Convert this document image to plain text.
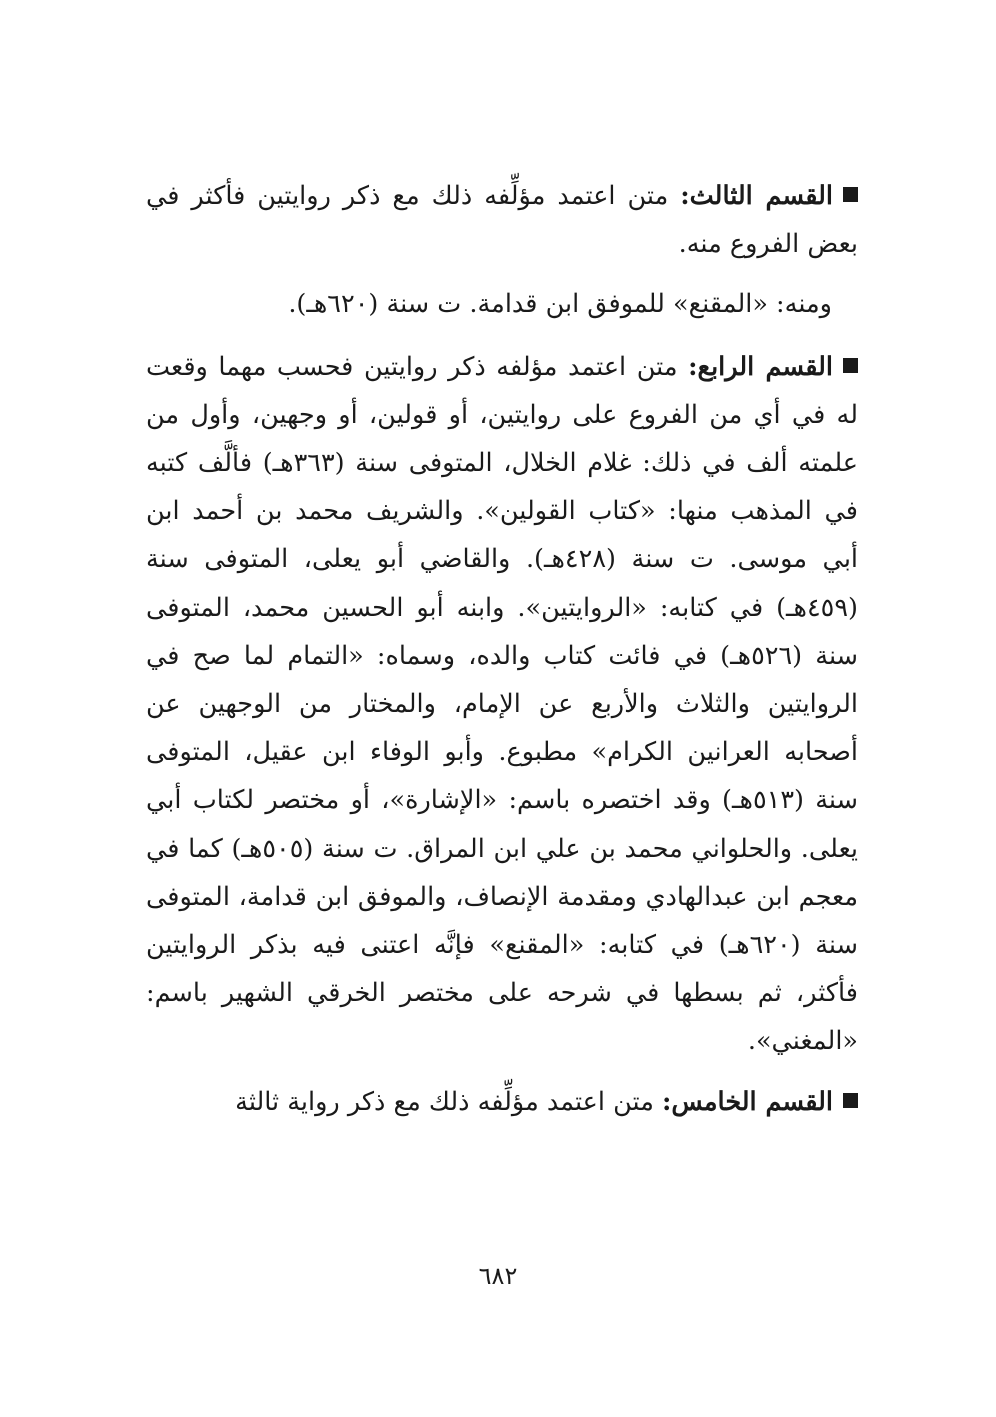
القسم الثالث: متن اعتمد مؤلِّفه ذلك مع ذكر روايتين فأكثر في بعض الفروع منه.

ومنه: «المقنع» للموفق ابن قدامة. ت سنة (٦٢٠هـ).

القسم الرابع: متن اعتمد مؤلفه ذكر روايتين فحسب مهما وقعت له في أي من الفروع على روايتين، أو قولين، أو وجهين، وأول من علمته ألف في ذلك: غلام الخلال، المتوفى سنة (٣٦٣هـ) فألَّف كتبه في المذهب منها: «كتاب القولين». والشريف محمد بن أحمد ابن أبي موسى. ت سنة (٤٢٨هـ). والقاضي أبو يعلى، المتوفى سنة (٤٥٩هـ) في كتابه: «الروايتين». وابنه أبو الحسين محمد، المتوفى سنة (٥٢٦هـ) في فائت كتاب والده، وسماه: «التمام لما صح في الروايتين والثلاث والأربع عن الإمام، والمختار من الوجهين عن أصحابه العرانين الكرام» مطبوع. وأبو الوفاء ابن عقيل، المتوفى سنة (٥١٣هـ) وقد اختصره باسم: «الإشارة»، أو مختصر لكتاب أبي يعلى. والحلواني محمد بن علي ابن المراق. ت سنة (٥٠٥هـ) كما في معجم ابن عبدالهادي ومقدمة الإنصاف، والموفق ابن قدامة، المتوفى سنة (٦٢٠هـ) في كتابه: «المقنع» فإنَّه اعتنى فيه بذكر الروايتين فأكثر، ثم بسطها في شرحه على مختصر الخرقي الشهير باسم: «المغني».

القسم الخامس: متن اعتمد مؤلِّفه ذلك مع ذكر رواية ثالثة

٦٨٢
